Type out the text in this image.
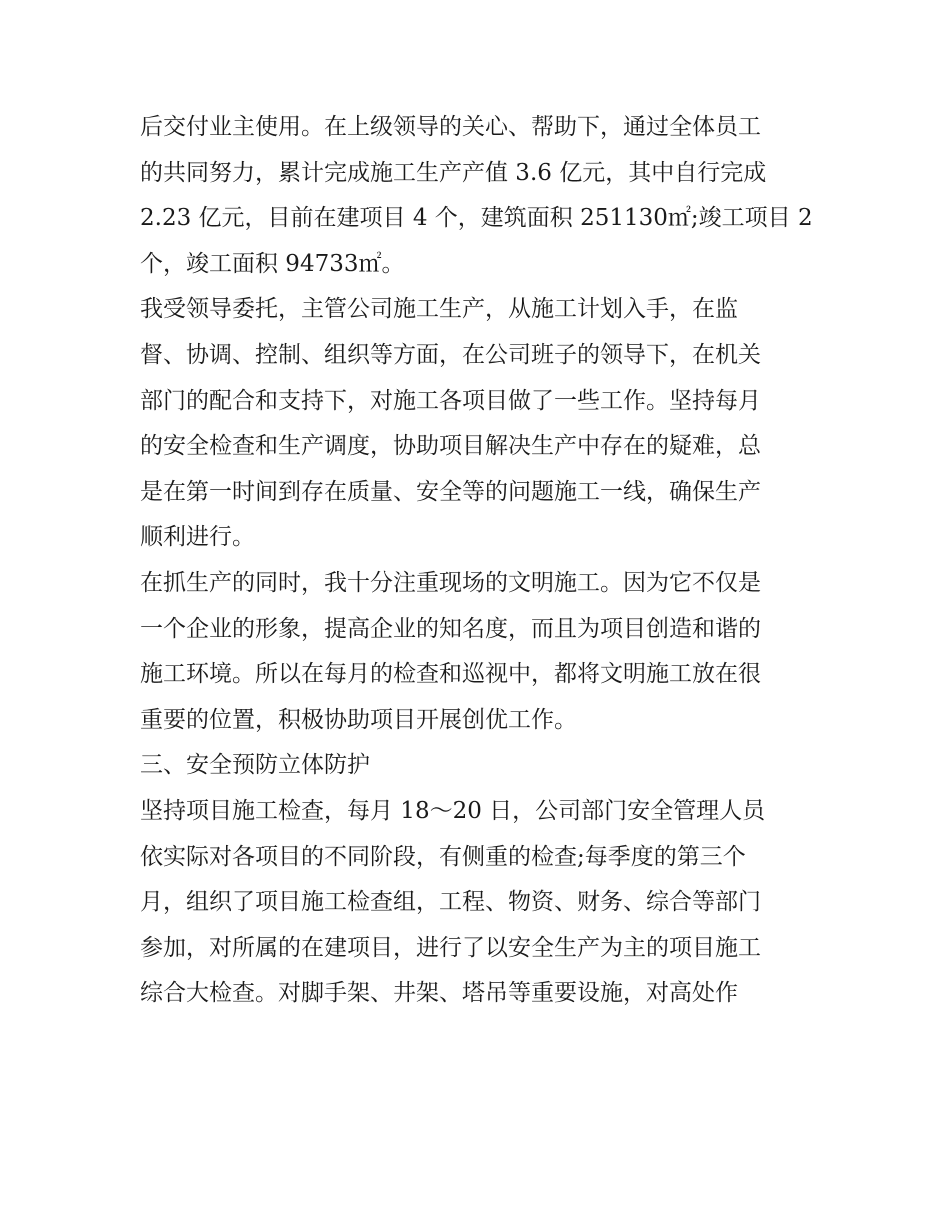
后交付业主使用。在上级领导的关心、帮助下，通过全体员工
的共同努力，累计完成施工生产产值 3.6 亿元，其中自行完成
2.23 亿元，目前在建项目 4 个，建筑面积 251130㎡;竣工项目 2
个，竣工面积 94733㎡。
我受领导委托，主管公司施工生产，从施工计划入手，在监
督、协调、控制、组织等方面，在公司班子的领导下，在机关
部门的配合和支持下，对施工各项目做了一些工作。坚持每月
的安全检查和生产调度，协助项目解决生产中存在的疑难，总
是在第一时间到存在质量、安全等的问题施工一线，确保生产
顺利进行。
在抓生产的同时，我十分注重现场的文明施工。因为它不仅是
一个企业的形象，提高企业的知名度，而且为项目创造和谐的
施工环境。所以在每月的检查和巡视中，都将文明施工放在很
重要的位置，积极协助项目开展创优工作。
三、安全预防立体防护
坚持项目施工检查，每月 18～20 日，公司部门安全管理人员
依实际对各项目的不同阶段，有侧重的检查;每季度的第三个
月，组织了项目施工检查组，工程、物资、财务、综合等部门
参加，对所属的在建项目，进行了以安全生产为主的项目施工
综合大检查。对脚手架、井架、塔吊等重要设施，对高处作
